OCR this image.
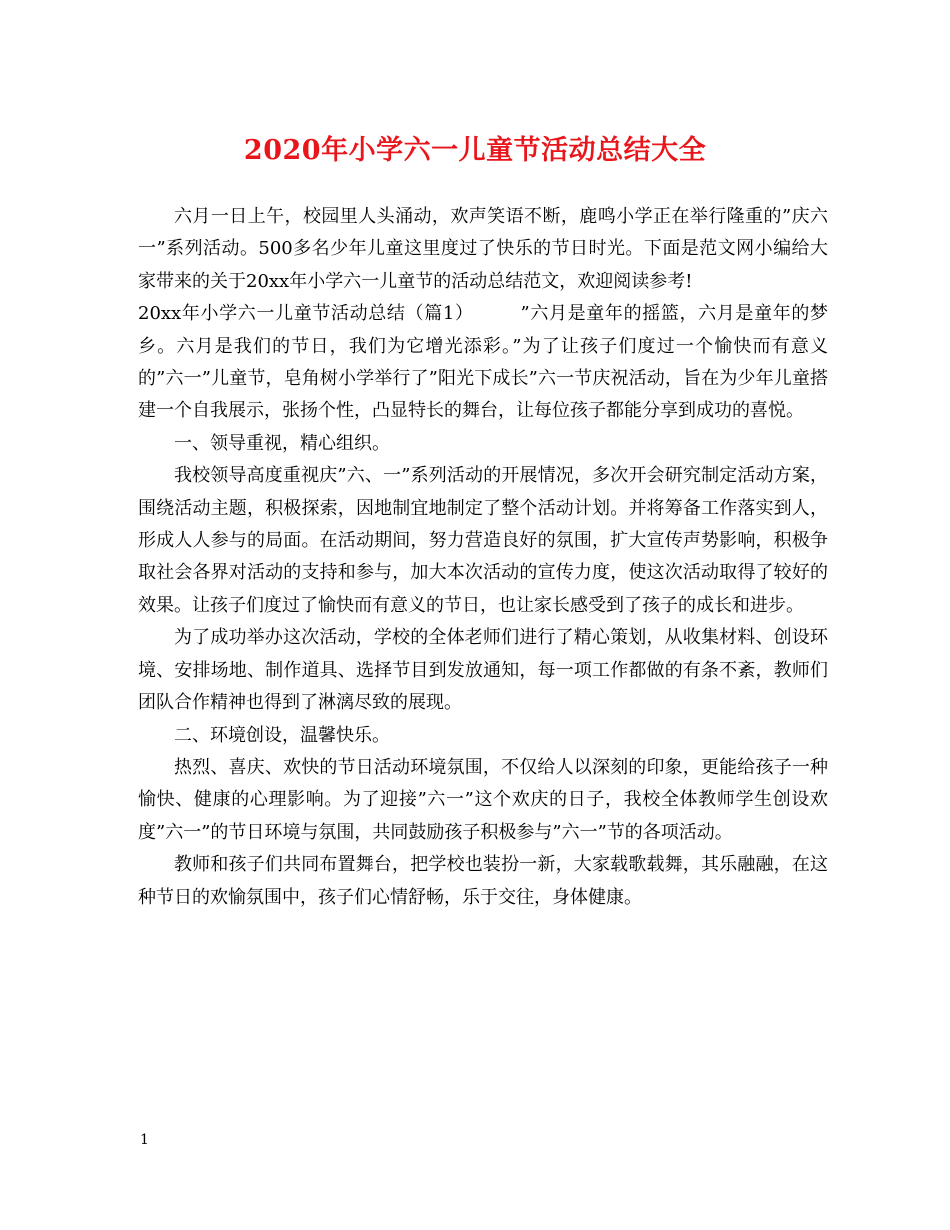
2020年小学六一儿童节活动总结大全

六月一日上午，校园里人头涌动，欢声笑语不断，鹿鸣小学正在举行隆重的”庆六一”系列活动。500多名少年儿童这里度过了快乐的节日时光。下面是范文网小编给大家带来的关于20xx年小学六一儿童节的活动总结范文，欢迎阅读参考!

20xx年小学六一儿童节活动总结（篇1）　　　”六月是童年的摇篮，六月是童年的梦乡。六月是我们的节日，我们为它增光添彩。”为了让孩子们度过一个愉快而有意义的”六一”儿童节，皂角树小学举行了”阳光下成长”六一节庆祝活动，旨在为少年儿童搭建一个自我展示，张扬个性，凸显特长的舞台，让每位孩子都能分享到成功的喜悦。

一、领导重视，精心组织。

我校领导高度重视庆”六、一”系列活动的开展情况，多次开会研究制定活动方案，围绕活动主题，积极探索，因地制宜地制定了整个活动计划。并将筹备工作落实到人，形成人人参与的局面。在活动期间，努力营造良好的氛围，扩大宣传声势影响，积极争取社会各界对活动的支持和参与，加大本次活动的宣传力度，使这次活动取得了较好的效果。让孩子们度过了愉快而有意义的节日，也让家长感受到了孩子的成长和进步。

为了成功举办这次活动，学校的全体老师们进行了精心策划，从收集材料、创设环境、安排场地、制作道具、选择节目到发放通知，每一项工作都做的有条不紊，教师们团队合作精神也得到了淋漓尽致的展现。

二、环境创设，温馨快乐。

热烈、喜庆、欢快的节日活动环境氛围，不仅给人以深刻的印象，更能给孩子一种愉快、健康的心理影响。为了迎接”六一”这个欢庆的日子，我校全体教师学生创设欢度”六一”的节日环境与氛围，共同鼓励孩子积极参与”六一”节的各项活动。

教师和孩子们共同布置舞台，把学校也装扮一新，大家载歌载舞，其乐融融，在这种节日的欢愉氛围中，孩子们心情舒畅，乐于交往，身体健康。

1
